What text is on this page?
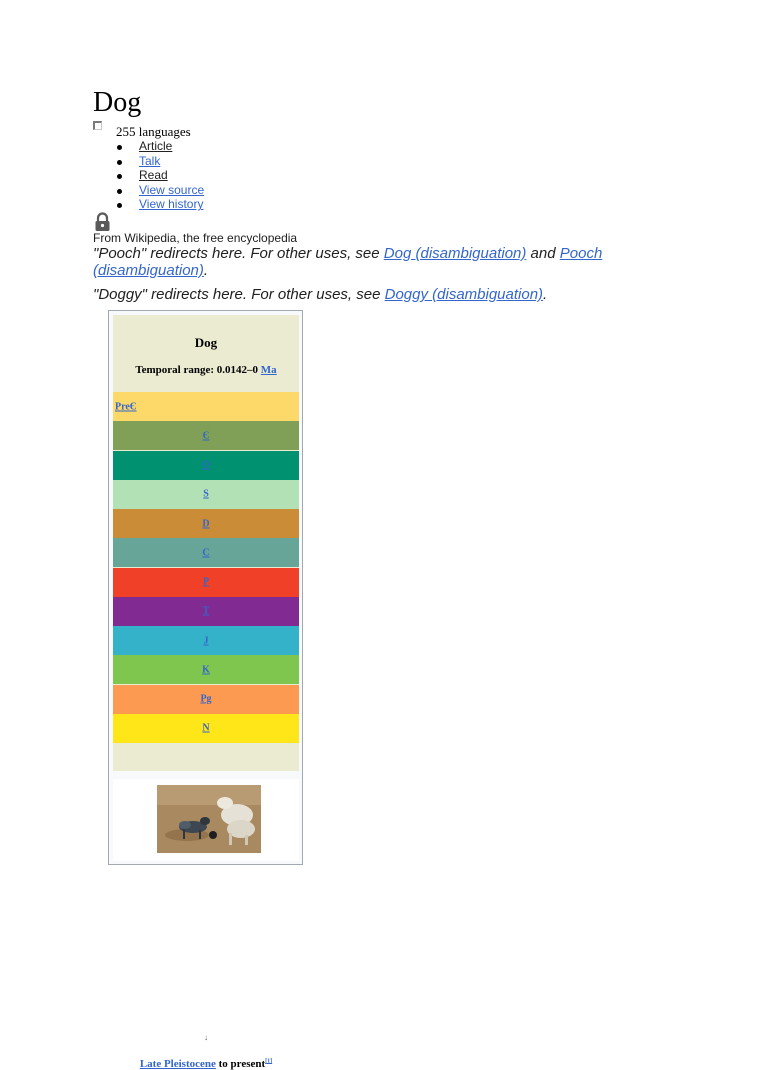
Dog
255 languages
Article
Talk
Read
View source
View history
From Wikipedia, the free encyclopedia
"Pooch" redirects here. For other uses, see Dog (disambiguation) and Pooch (disambiguation).
"Doggy" redirects here. For other uses, see Doggy (disambiguation).
Dog
Temporal range: 0.0142–0 Ma
↓
Late Pleistocene to present[1]
PreЄ
Є
O
S
D
C
P
T
J
K
Pg
N
